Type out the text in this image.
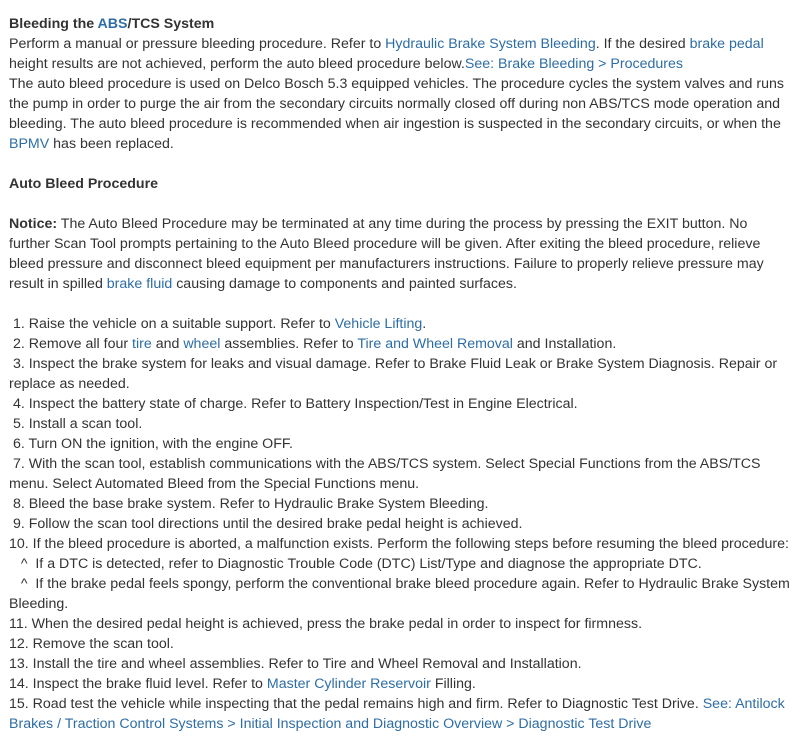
Bleeding the ABS/TCS System

Perform a manual or pressure bleeding procedure. Refer to Hydraulic Brake System Bleeding. If the desired brake pedal height results are not achieved, perform the auto bleed procedure below.See: Brake Bleeding > Procedures

The auto bleed procedure is used on Delco Bosch 5.3 equipped vehicles. The procedure cycles the system valves and runs the pump in order to purge the air from the secondary circuits normally closed off during non ABS/TCS mode operation and bleeding. The auto bleed procedure is recommended when air ingestion is suspected in the secondary circuits, or when the BPMV has been replaced.

Auto Bleed Procedure

Notice: The Auto Bleed Procedure may be terminated at any time during the process by pressing the EXIT button. No further Scan Tool prompts pertaining to the Auto Bleed procedure will be given. After exiting the bleed procedure, relieve bleed pressure and disconnect bleed equipment per manufacturers instructions. Failure to properly relieve pressure may result in spilled brake fluid causing damage to components and painted surfaces.

1. Raise the vehicle on a suitable support. Refer to Vehicle Lifting.

2. Remove all four tire and wheel assemblies. Refer to Tire and Wheel Removal and Installation.

3. Inspect the brake system for leaks and visual damage. Refer to Brake Fluid Leak or Brake System Diagnosis. Repair or replace as needed.

4. Inspect the battery state of charge. Refer to Battery Inspection/Test in Engine Electrical.

5. Install a scan tool.

6. Turn ON the ignition, with the engine OFF.

7. With the scan tool, establish communications with the ABS/TCS system. Select Special Functions from the ABS/TCS menu. Select Automated Bleed from the Special Functions menu.

8. Bleed the base brake system. Refer to Hydraulic Brake System Bleeding.

9. Follow the scan tool directions until the desired brake pedal height is achieved.

10. If the bleed procedure is aborted, a malfunction exists. Perform the following steps before resuming the bleed procedure:

^  If a DTC is detected, refer to Diagnostic Trouble Code (DTC) List/Type and diagnose the appropriate DTC.

^  If the brake pedal feels spongy, perform the conventional brake bleed procedure again. Refer to Hydraulic Brake System Bleeding.

11. When the desired pedal height is achieved, press the brake pedal in order to inspect for firmness.

12. Remove the scan tool.

13. Install the tire and wheel assemblies. Refer to Tire and Wheel Removal and Installation.

14. Inspect the brake fluid level. Refer to Master Cylinder Reservoir Filling.

15. Road test the vehicle while inspecting that the pedal remains high and firm. Refer to Diagnostic Test Drive. See: Antilock Brakes / Traction Control Systems > Initial Inspection and Diagnostic Overview > Diagnostic Test Drive
